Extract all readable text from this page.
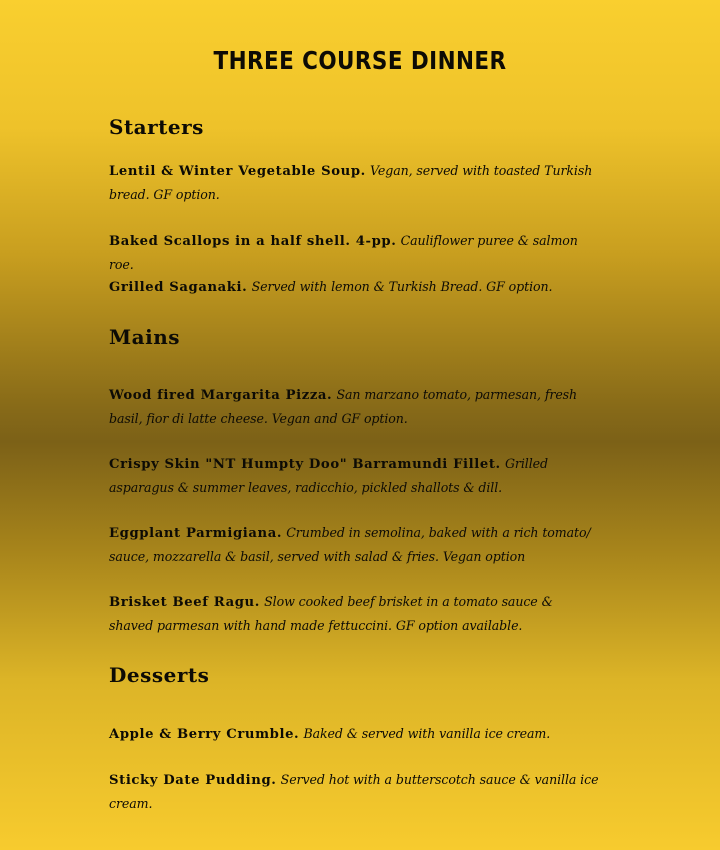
THREE COURSE DINNER
Starters
Lentil & Winter Vegetable Soup. Vegan, served with toasted Turkish bread. GF option.
Baked Scallops in a half shell. 4-pp. Cauliflower puree & salmon roe.
Grilled Saganaki. Served with lemon & Turkish Bread. GF option.
Mains
Wood fired Margarita Pizza. San marzano tomato, parmesan, fresh basil, fior di latte cheese. Vegan and GF option.
Crispy Skin "NT Humpty Doo" Barramundi Fillet. Grilled asparagus & summer leaves, radicchio, pickled shallots & dill.
Eggplant Parmigiana. Crumbed in semolina, baked with a rich tomato/ sauce, mozzarella & basil, served with salad & fries. Vegan option
Brisket Beef Ragu. Slow cooked beef brisket in a tomato sauce & shaved parmesan with hand made fettuccini. GF option available.
Desserts
Apple & Berry Crumble. Baked & served with vanilla ice cream.
Sticky Date Pudding. Served hot with a butterscotch sauce & vanilla ice cream.
